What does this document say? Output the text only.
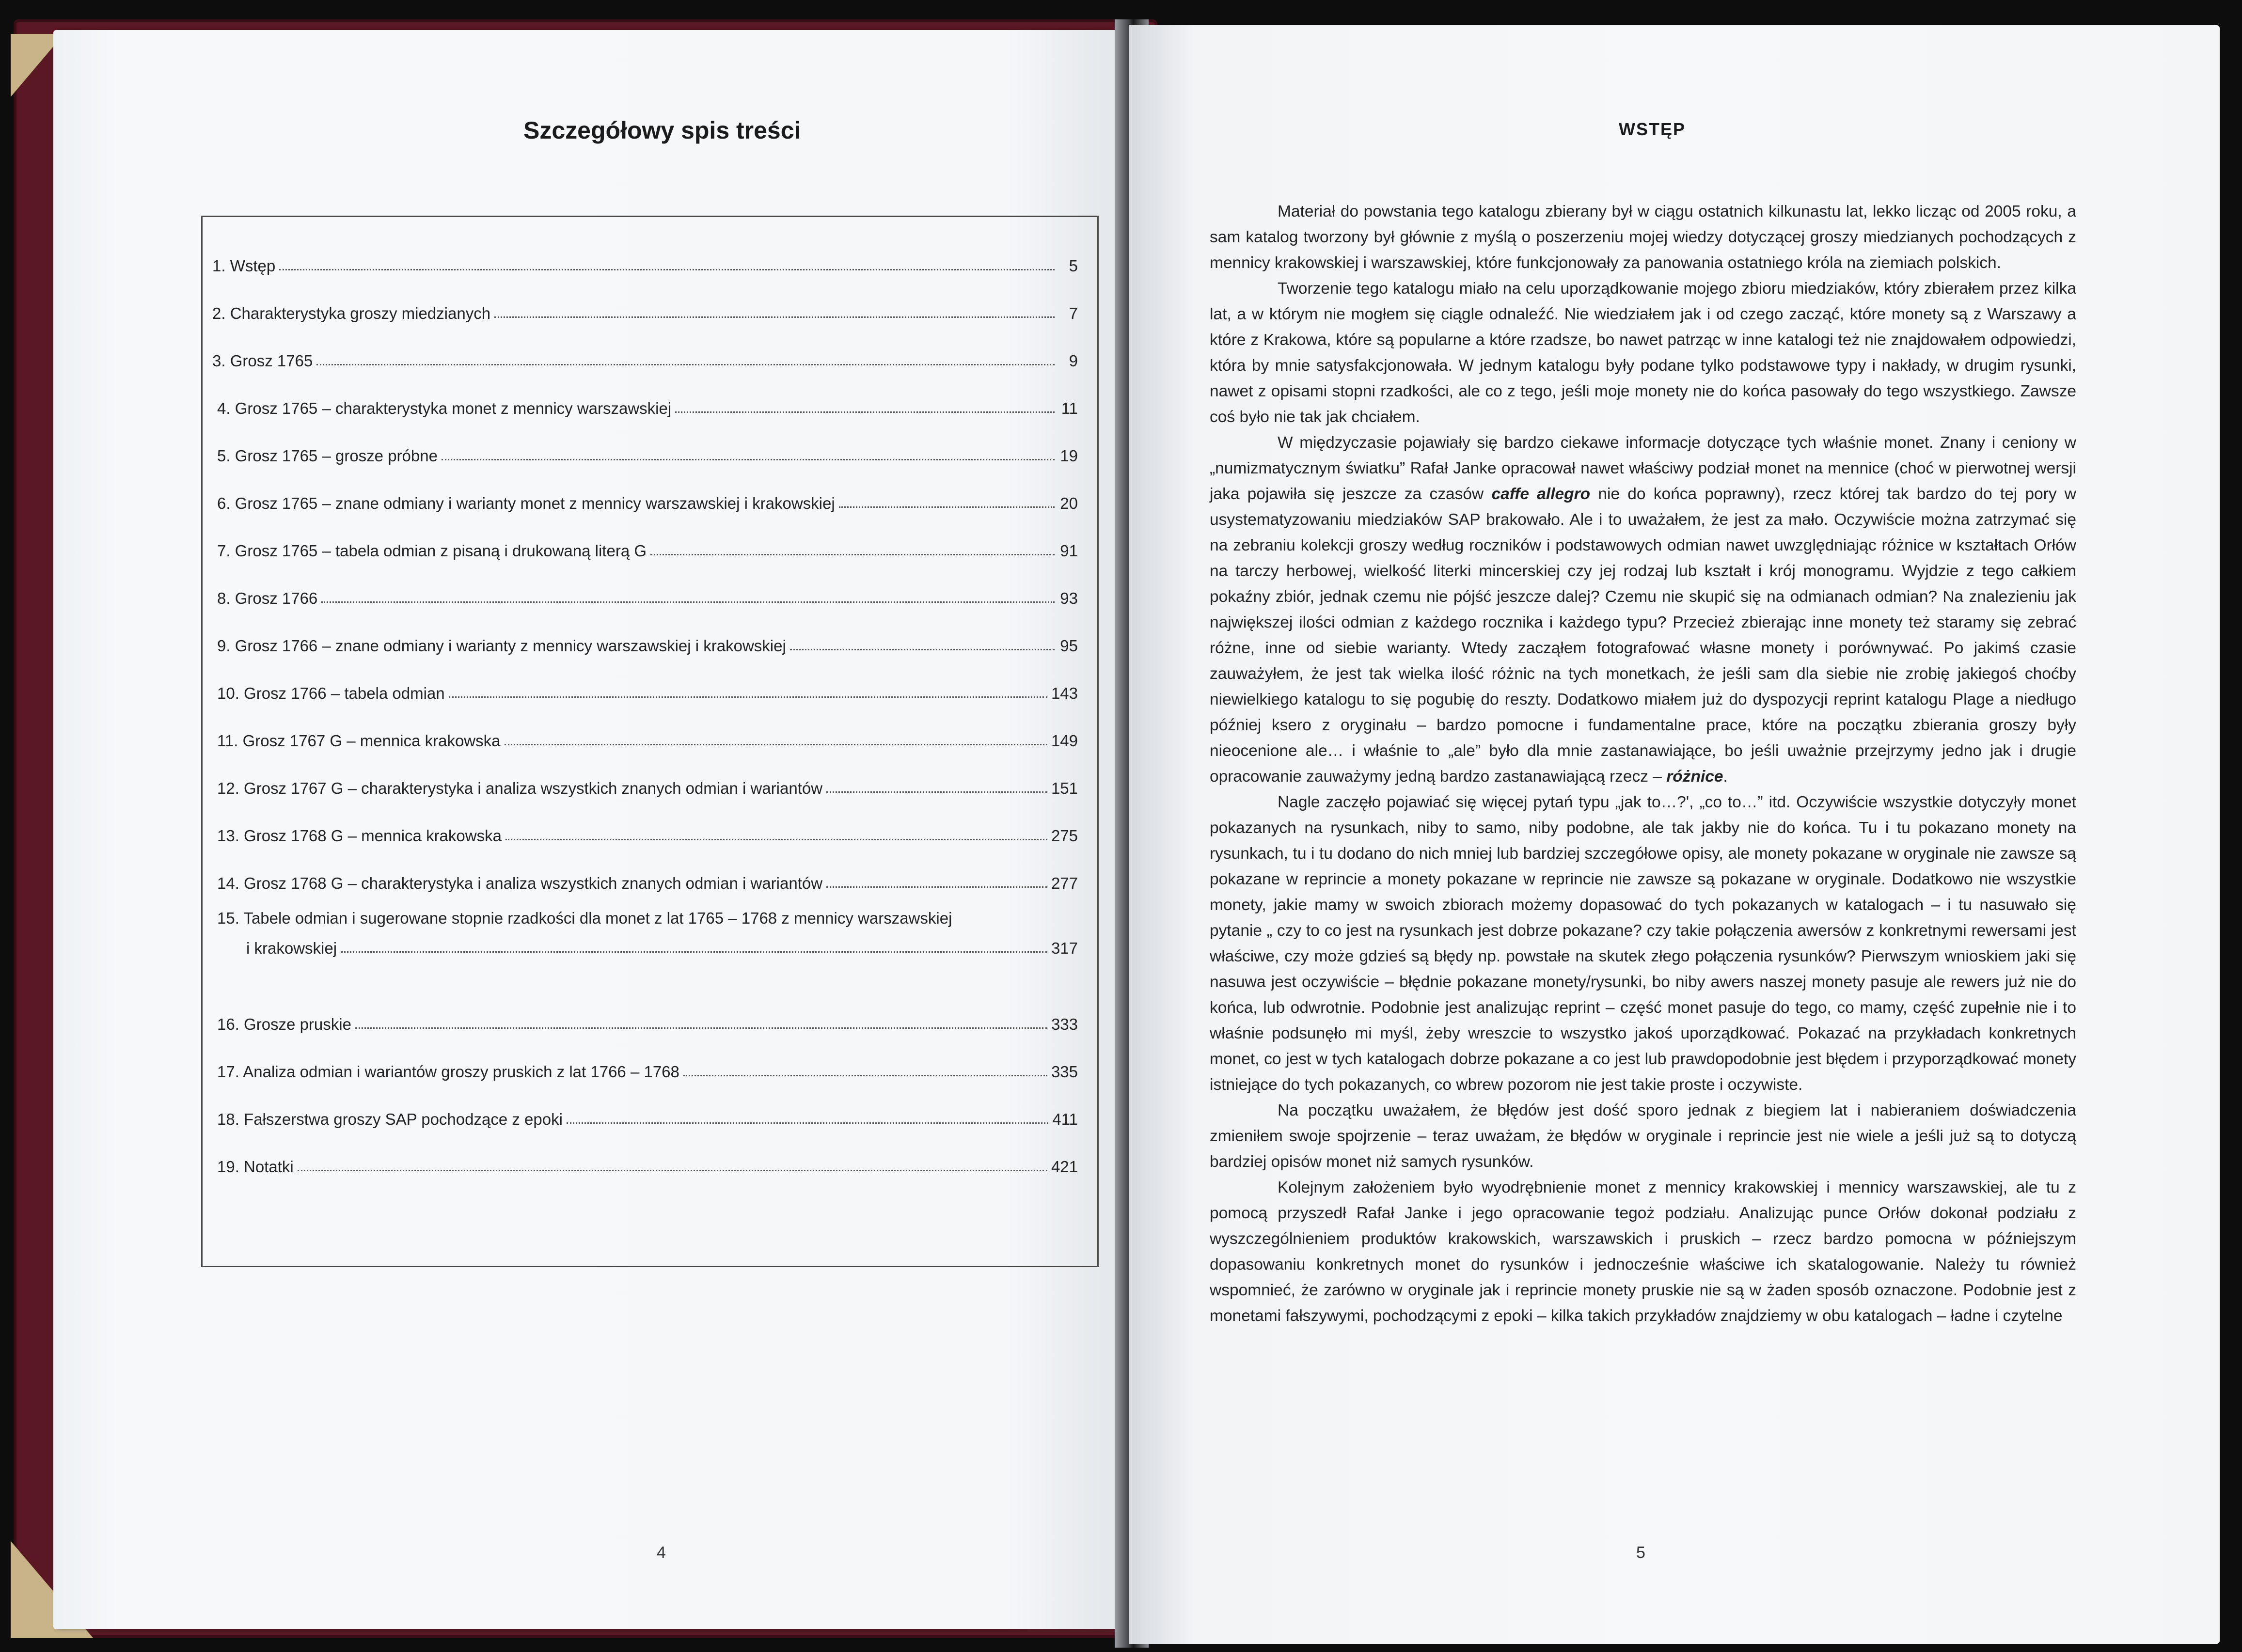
Szczegółowy spis treści
1. Wstęp	5
2. Charakterystyka groszy miedzianych	7
3. Grosz 1765	9
4. Grosz 1765 – charakterystyka monet z mennicy warszawskiej	11
5. Grosz 1765 – grosze próbne	19
6. Grosz 1765 – znane odmiany i warianty monet z mennicy warszawskiej i krakowskiej	20
7. Grosz 1765 – tabela odmian z pisaną i drukowaną literą G	91
8. Grosz 1766	93
9. Grosz 1766 – znane odmiany i warianty z mennicy warszawskiej i krakowskiej	95
10. Grosz 1766 – tabela odmian	143
11. Grosz 1767 G – mennica krakowska	149
12. Grosz 1767 G – charakterystyka i analiza wszystkich znanych odmian i wariantów	151
13. Grosz 1768 G – mennica krakowska	275
14. Grosz 1768 G – charakterystyka i analiza wszystkich znanych odmian i wariantów	277
15. Tabele odmian i sugerowane stopnie rzadkości dla monet z lat 1765 – 1768 z mennicy warszawskiej
i krakowskiej	317
16. Grosze pruskie	333
17. Analiza odmian i wariantów groszy pruskich z lat 1766 – 1768	335
18. Fałszerstwa groszy SAP pochodzące z epoki	411
19. Notatki	421
4
WSTĘP

Materiał do powstania tego katalogu zbierany był w ciągu ostatnich kilkunastu lat, lekko licząc od 2005 roku, a sam katalog tworzony był głównie z myślą o poszerzeniu mojej wiedzy dotyczącej groszy miedzianych pochodzących z mennicy krakowskiej i warszawskiej, które funkcjonowały za panowania ostatniego króla na ziemiach polskich.

Tworzenie tego katalogu miało na celu uporządkowanie mojego zbioru miedziaków, który zbierałem przez kilka lat, a w którym nie mogłem się ciągle odnaleźć. Nie wiedziałem jak i od czego zacząć, które monety są z Warszawy a które z Krakowa, które są popularne a które rzadsze, bo nawet patrząc w inne katalogi też nie znajdowałem odpowiedzi, która by mnie satysfakcjonowała. W jednym katalogu były podane tylko podstawowe typy i nakłady, w drugim rysunki, nawet z opisami stopni rzadkości, ale co z tego, jeśli moje monety nie do końca pasowały do tego wszystkiego. Zawsze coś było nie tak jak chciałem.

W międzyczasie pojawiały się bardzo ciekawe informacje dotyczące tych właśnie monet. Znany i ceniony w „numizmatycznym światku” Rafał Janke opracował nawet właściwy podział monet na mennice (choć w pierwotnej wersji jaka pojawiła się jeszcze za czasów caffe allegro nie do końca poprawny), rzecz której tak bardzo do tej pory w usystematyzowaniu miedziaków SAP brakowało. Ale i to uważałem, że jest za mało. Oczywiście można zatrzymać się na zebraniu kolekcji groszy według roczników i podstawowych odmian nawet uwzględniając różnice w kształtach Orłów na tarczy herbowej, wielkość literki mincerskiej czy jej rodzaj lub kształt i krój monogramu. Wyjdzie z tego całkiem pokaźny zbiór, jednak czemu nie pójść jeszcze dalej? Czemu nie skupić się na odmianach odmian? Na znalezieniu jak największej ilości odmian z każdego rocznika i każdego typu? Przecież zbierając inne monety też staramy się zebrać różne, inne od siebie warianty. Wtedy zacząłem fotografować własne monety i porównywać. Po jakimś czasie zauważyłem, że jest tak wielka ilość różnic na tych monetkach, że jeśli sam dla siebie nie zrobię jakiegoś choćby niewielkiego katalogu to się pogubię do reszty. Dodatkowo miałem już do dyspozycji reprint katalogu Plage a niedługo później ksero z oryginału – bardzo pomocne i fundamentalne prace, które na początku zbierania groszy były nieocenione ale… i właśnie to „ale” było dla mnie zastanawiające, bo jeśli uważnie przejrzymy jedno jak i drugie opracowanie zauważymy jedną bardzo zastanawiającą rzecz – różnice.

Nagle zaczęło pojawiać się więcej pytań typu „jak to…?', „co to…” itd. Oczywiście wszystkie dotyczyły monet pokazanych na rysunkach, niby to samo, niby podobne, ale tak jakby nie do końca. Tu i tu pokazano monety na rysunkach, tu i tu dodano do nich mniej lub bardziej szczegółowe opisy, ale monety pokazane w oryginale nie zawsze są pokazane w reprincie a monety pokazane w reprincie nie zawsze są pokazane w oryginale. Dodatkowo nie wszystkie monety, jakie mamy w swoich zbiorach możemy dopasować do tych pokazanych w katalogach – i tu nasuwało się pytanie „ czy to co jest na rysunkach jest dobrze pokazane? czy takie połączenia awersów z konkretnymi rewersami jest właściwe, czy może gdzieś są błędy np. powstałe na skutek złego połączenia rysunków? Pierwszym wnioskiem jaki się nasuwa jest oczywiście – błędnie pokazane monety/rysunki, bo niby awers naszej monety pasuje ale rewers już nie do końca, lub odwrotnie. Podobnie jest analizując reprint – część monet pasuje do tego, co mamy, część zupełnie nie i to właśnie podsunęło mi myśl, żeby wreszcie to wszystko jakoś uporządkować. Pokazać na przykładach konkretnych monet, co jest w tych katalogach dobrze pokazane a co jest lub prawdopodobnie jest błędem i przyporządkować monety istniejące do tych pokazanych, co wbrew pozorom nie jest takie proste i oczywiste.

Na początku uważałem, że błędów jest dość sporo jednak z biegiem lat i nabieraniem doświadczenia zmieniłem swoje spojrzenie – teraz uważam, że błędów w oryginale i reprincie jest nie wiele a jeśli już są to dotyczą bardziej opisów monet niż samych rysunków.

Kolejnym założeniem było wyodrębnienie monet z mennicy krakowskiej i mennicy warszawskiej, ale tu z pomocą przyszedł Rafał Janke i jego opracowanie tegoż podziału. Analizując punce Orłów dokonał podziału z wyszczególnieniem produktów krakowskich, warszawskich i pruskich – rzecz bardzo pomocna w późniejszym dopasowaniu konkretnych monet do rysunków i jednocześnie właściwe ich skatalogowanie. Należy tu również wspomnieć, że zarówno w oryginale jak i reprincie monety pruskie nie są w żaden sposób oznaczone. Podobnie jest z monetami fałszywymi, pochodzącymi z epoki – kilka takich przykładów znajdziemy w obu katalogach – ładne i czytelne

5
